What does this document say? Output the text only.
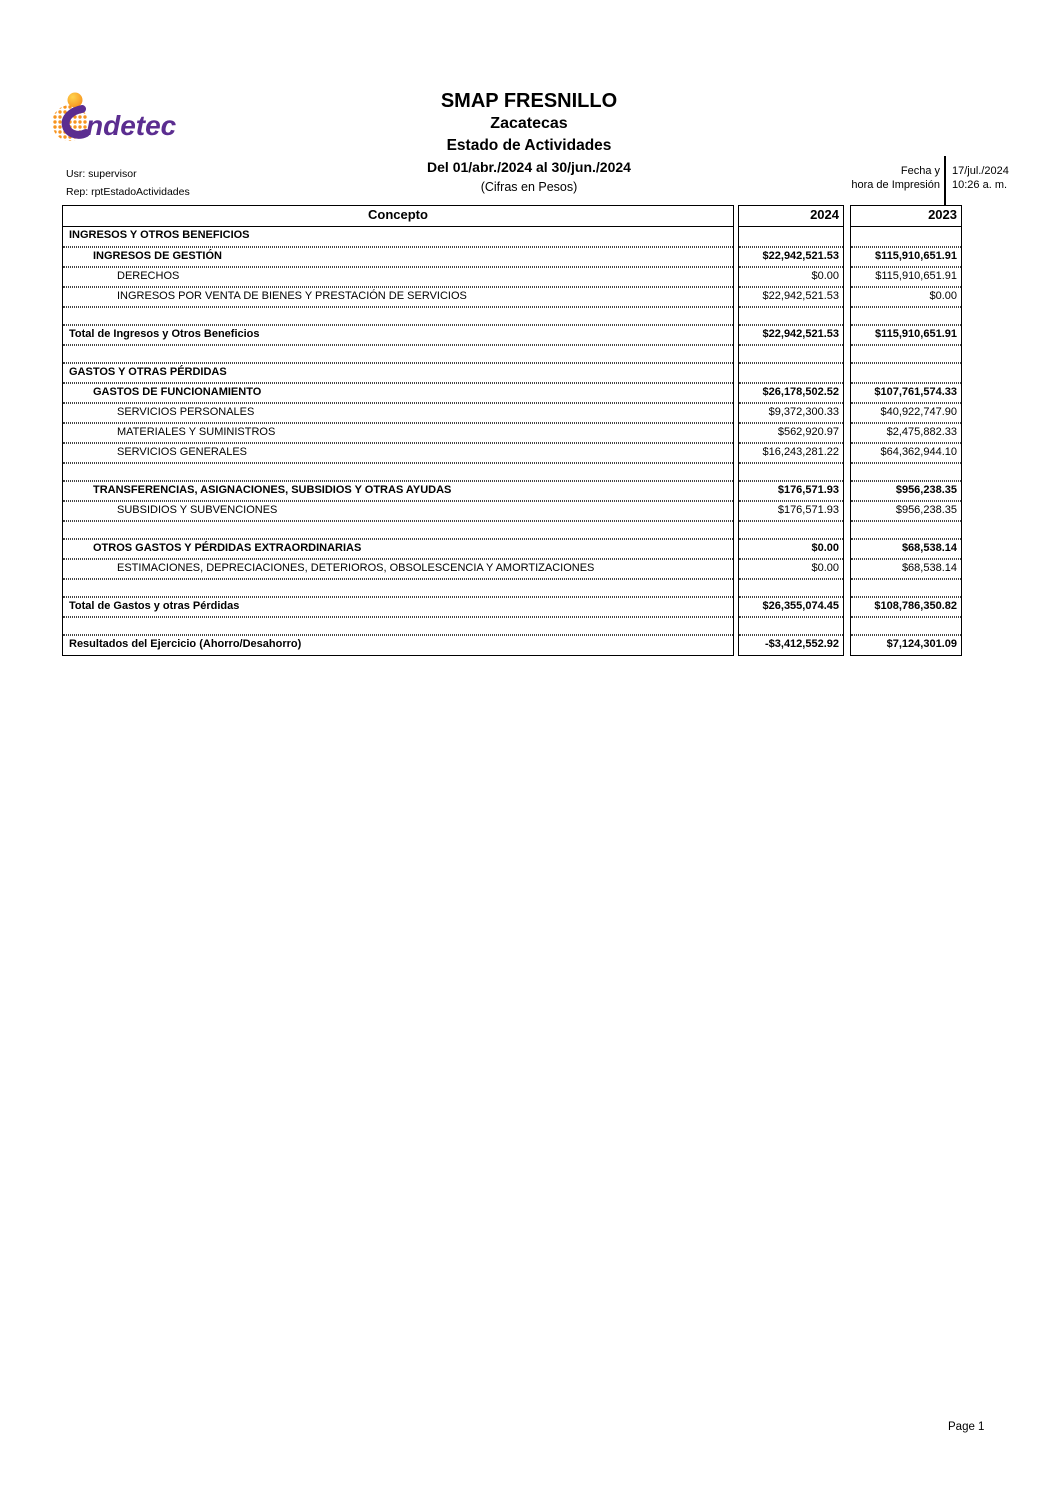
ndetec
SMAP FRESNILLO
Zacatecas
Estado de Actividades
Del 01/abr./2024 al 30/jun./2024
(Cifras en Pesos)
Usr: supervisor
Rep: rptEstadoActividades
Fecha y
hora de Impresión
17/jul./2024
10:26 a. m.
Concepto
INGRESOS Y OTROS BENEFICIOS
INGRESOS DE GESTIÓN
DERECHOS
INGRESOS POR VENTA DE BIENES Y PRESTACIÓN DE SERVICIOS
Total de Ingresos y Otros Beneficios
GASTOS Y OTRAS PÉRDIDAS
GASTOS DE FUNCIONAMIENTO
SERVICIOS PERSONALES
MATERIALES Y SUMINISTROS
SERVICIOS GENERALES
TRANSFERENCIAS, ASIGNACIONES, SUBSIDIOS Y OTRAS AYUDAS
SUBSIDIOS Y SUBVENCIONES
OTROS GASTOS Y PÉRDIDAS EXTRAORDINARIAS
ESTIMACIONES, DEPRECIACIONES, DETERIOROS, OBSOLESCENCIA Y AMORTIZACIONES
Total de Gastos y otras Pérdidas
Resultados del Ejercicio (Ahorro/Desahorro)
2024
$22,942,521.53
$0.00
$22,942,521.53
$22,942,521.53
$26,178,502.52
$9,372,300.33
$562,920.97
$16,243,281.22
$176,571.93
$176,571.93
$0.00
$0.00
$26,355,074.45
-$3,412,552.92
2023
$115,910,651.91
$115,910,651.91
$0.00
$115,910,651.91
$107,761,574.33
$40,922,747.90
$2,475,882.33
$64,362,944.10
$956,238.35
$956,238.35
$68,538.14
$68,538.14
$108,786,350.82
$7,124,301.09
Page 1
